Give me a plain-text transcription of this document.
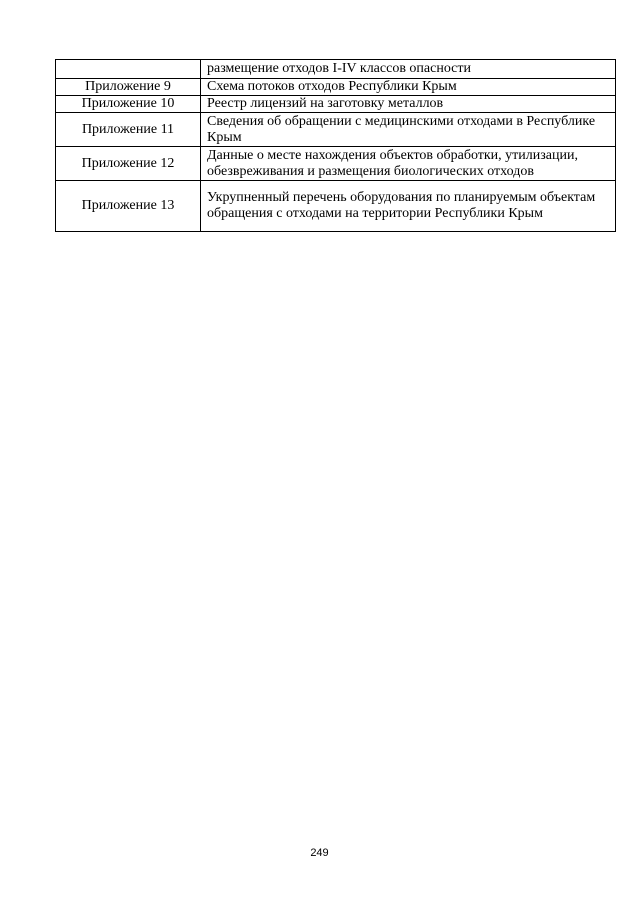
	размещение отходов I-IV классов опасности
Приложение 9	Схема потоков отходов Республики Крым
Приложение 10	Реестр лицензий на заготовку металлов
Приложение 11	Сведения об обращении с медицинскими отходами в Республике Крым
Приложение 12	Данные о месте нахождения объектов обработки, утилизации, обезвреживания и размещения биологических отходов
Приложение 13	Укрупненный перечень оборудования по планируемым объектам обращения с отходами на территории Республики Крым
249
